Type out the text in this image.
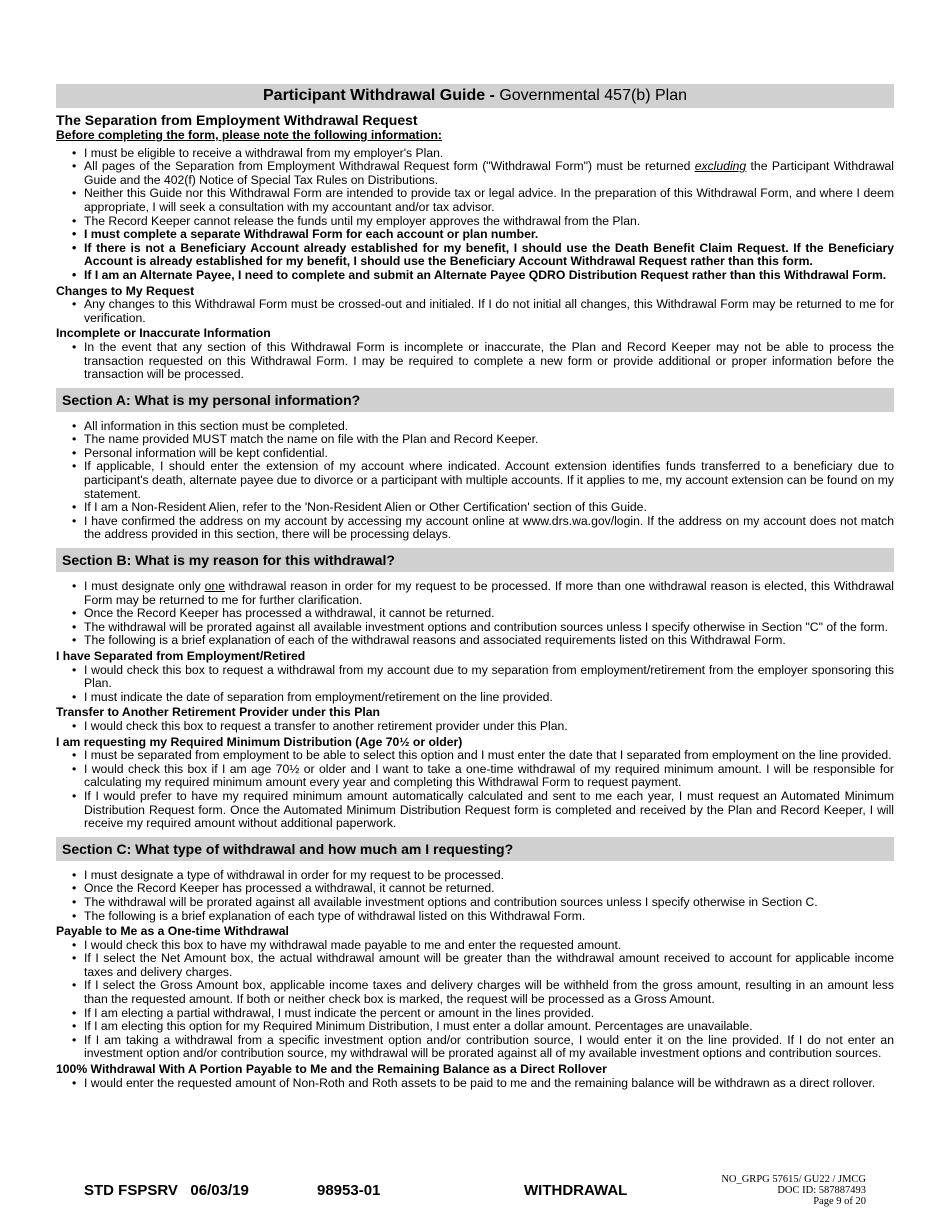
Participant Withdrawal Guide - Governmental 457(b) Plan
The Separation from Employment Withdrawal Request
Before completing the form, please note the following information:
• I must be eligible to receive a withdrawal from my employer's Plan.
• All pages of the Separation from Employment Withdrawal Request form ("Withdrawal Form") must be returned excluding the Participant Withdrawal Guide and the 402(f) Notice of Special Tax Rules on Distributions.
• Neither this Guide nor this Withdrawal Form are intended to provide tax or legal advice. In the preparation of this Withdrawal Form, and where I deem appropriate, I will seek a consultation with my accountant and/or tax advisor.
• The Record Keeper cannot release the funds until my employer approves the withdrawal from the Plan.
• I must complete a separate Withdrawal Form for each account or plan number.
• If there is not a Beneficiary Account already established for my benefit, I should use the Death Benefit Claim Request. If the Beneficiary Account is already established for my benefit, I should use the Beneficiary Account Withdrawal Request rather than this form.
• If I am an Alternate Payee, I need to complete and submit an Alternate Payee QDRO Distribution Request rather than this Withdrawal Form.
Changes to My Request
• Any changes to this Withdrawal Form must be crossed-out and initialed. If I do not initial all changes, this Withdrawal Form may be returned to me for verification.
Incomplete or Inaccurate Information
• In the event that any section of this Withdrawal Form is incomplete or inaccurate, the Plan and Record Keeper may not be able to process the transaction requested on this Withdrawal Form. I may be required to complete a new form or provide additional or proper information before the transaction will be processed.
Section A: What is my personal information?
• All information in this section must be completed.
• The name provided MUST match the name on file with the Plan and Record Keeper.
• Personal information will be kept confidential.
• If applicable, I should enter the extension of my account where indicated. Account extension identifies funds transferred to a beneficiary due to participant's death, alternate payee due to divorce or a participant with multiple accounts. If it applies to me, my account extension can be found on my statement.
• If I am a Non-Resident Alien, refer to the 'Non-Resident Alien or Other Certification' section of this Guide.
• I have confirmed the address on my account by accessing my account online at www.drs.wa.gov/login. If the address on my account does not match the address provided in this section, there will be processing delays.
Section B: What is my reason for this withdrawal?
• I must designate only one withdrawal reason in order for my request to be processed. If more than one withdrawal reason is elected, this Withdrawal Form may be returned to me for further clarification.
• Once the Record Keeper has processed a withdrawal, it cannot be returned.
• The withdrawal will be prorated against all available investment options and contribution sources unless I specify otherwise in Section "C" of the form.
• The following is a brief explanation of each of the withdrawal reasons and associated requirements listed on this Withdrawal Form.
I have Separated from Employment/Retired
• I would check this box to request a withdrawal from my account due to my separation from employment/retirement from the employer sponsoring this Plan.
• I must indicate the date of separation from employment/retirement on the line provided.
Transfer to Another Retirement Provider under this Plan
• I would check this box to request a transfer to another retirement provider under this Plan.
I am requesting my Required Minimum Distribution (Age 70½ or older)
• I must be separated from employment to be able to select this option and I must enter the date that I separated from employment on the line provided.
• I would check this box if I am age 70½ or older and I want to take a one-time withdrawal of my required minimum amount. I will be responsible for calculating my required minimum amount every year and completing this Withdrawal Form to request payment.
• If I would prefer to have my required minimum amount automatically calculated and sent to me each year, I must request an Automated Minimum Distribution Request form. Once the Automated Minimum Distribution Request form is completed and received by the Plan and Record Keeper, I will receive my required amount without additional paperwork.
Section C: What type of withdrawal and how much am I requesting?
• I must designate a type of withdrawal in order for my request to be processed.
• Once the Record Keeper has processed a withdrawal, it cannot be returned.
• The withdrawal will be prorated against all available investment options and contribution sources unless I specify otherwise in Section C.
• The following is a brief explanation of each type of withdrawal listed on this Withdrawal Form.
Payable to Me as a One-time Withdrawal
• I would check this box to have my withdrawal made payable to me and enter the requested amount.
• If I select the Net Amount box, the actual withdrawal amount will be greater than the withdrawal amount received to account for applicable income taxes and delivery charges.
• If I select the Gross Amount box, applicable income taxes and delivery charges will be withheld from the gross amount, resulting in an amount less than the requested amount. If both or neither check box is marked, the request will be processed as a Gross Amount.
• If I am electing a partial withdrawal, I must indicate the percent or amount in the lines provided.
• If I am electing this option for my Required Minimum Distribution, I must enter a dollar amount. Percentages are unavailable.
• If I am taking a withdrawal from a specific investment option and/or contribution source, I would enter it on the line provided. If I do not enter an investment option and/or contribution source, my withdrawal will be prorated against all of my available investment options and contribution sources.
100% Withdrawal With A Portion Payable to Me and the Remaining Balance as a Direct Rollover
• I would enter the requested amount of Non-Roth and Roth assets to be paid to me and the remaining balance will be withdrawn as a direct rollover.
STD FSPSRV   06/03/19	98953-01	WITHDRAWAL
NO_GRPG 57615/ GU22 / JMCG
DOC ID: 587887493
Page 9 of 20
